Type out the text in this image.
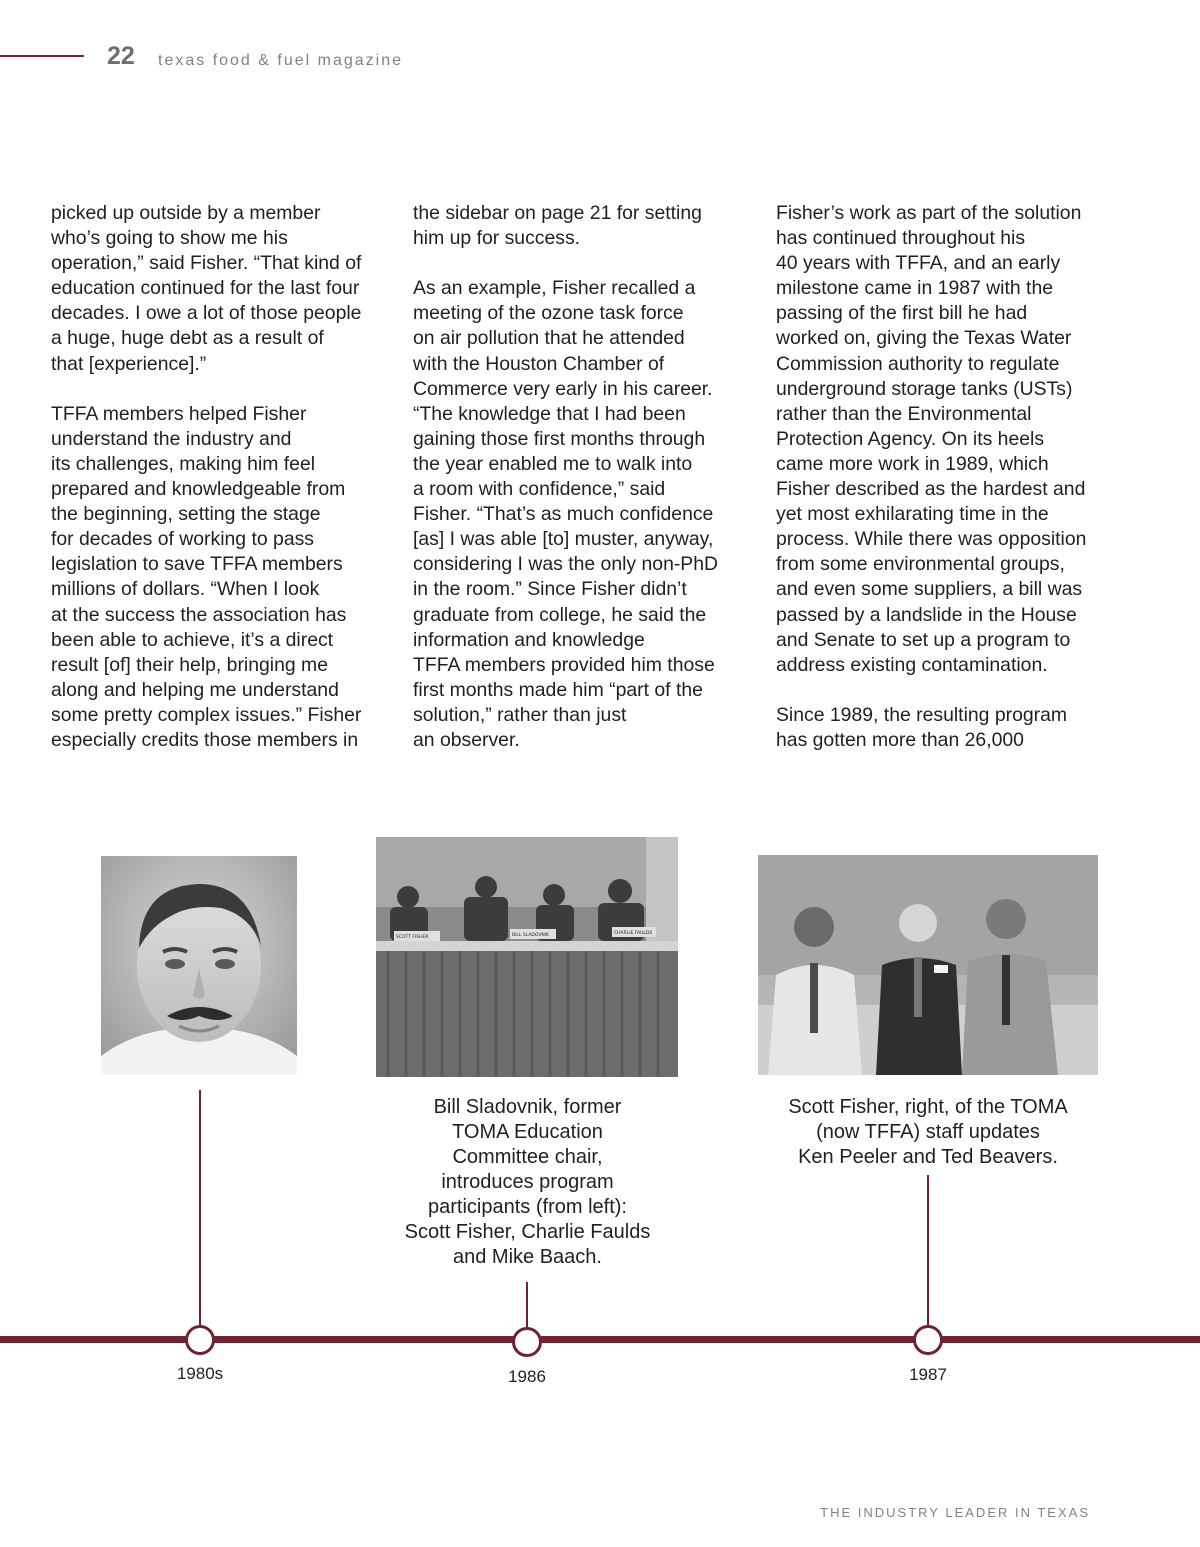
22 texas food & fuel magazine

picked up outside by a member
who’s going to show me his
operation,” said Fisher. “That kind of
education continued for the last four
decades. I owe a lot of those people
a huge, huge debt as a result of
that [experience].”

TFFA members helped Fisher
understand the industry and
its challenges, making him feel
prepared and knowledgeable from
the beginning, setting the stage
for decades of working to pass
legislation to save TFFA members
millions of dollars. “When I look
at the success the association has
been able to achieve, it’s a direct
result [of] their help, bringing me
along and helping me understand
some pretty complex issues.” Fisher
especially credits those members in

the sidebar on page 21 for setting
him up for success.

As an example, Fisher recalled a
meeting of the ozone task force
on air pollution that he attended
with the Houston Chamber of
Commerce very early in his career.
“The knowledge that I had been
gaining those first months through
the year enabled me to walk into
a room with confidence,” said
Fisher. “That’s as much confidence
[as] I was able [to] muster, anyway,
considering I was the only non-PhD
in the room.” Since Fisher didn’t
graduate from college, he said the
information and knowledge
TFFA members provided him those
first months made him “part of the
solution,” rather than just
an observer.

Fisher’s work as part of the solution
has continued throughout his
40 years with TFFA, and an early
milestone came in 1987 with the
passing of the first bill he had
worked on, giving the Texas Water
Commission authority to regulate
underground storage tanks (USTs)
rather than the Environmental
Protection Agency. On its heels
came more work in 1989, which
Fisher described as the hardest and
yet most exhilarating time in the
process. While there was opposition
from some environmental groups,
and even some suppliers, a bill was
passed by a landslide in the House
and Senate to set up a program to
address existing contamination.

Since 1989, the resulting program
has gotten more than 26,000

SCOTT FISHER	BILL SLADOVNIK	CHARLIE FAULDS
Bill Sladovnik, former
TOMA Education
Committee chair,
introduces program
participants (from left):
Scott Fisher, Charlie Faulds
and Mike Baach.
Scott Fisher, right, of the TOMA
(now TFFA) staff updates
Ken Peeler and Ted Beavers.
1980s	1986	1987
THE INDUSTRY LEADER IN TEXAS
